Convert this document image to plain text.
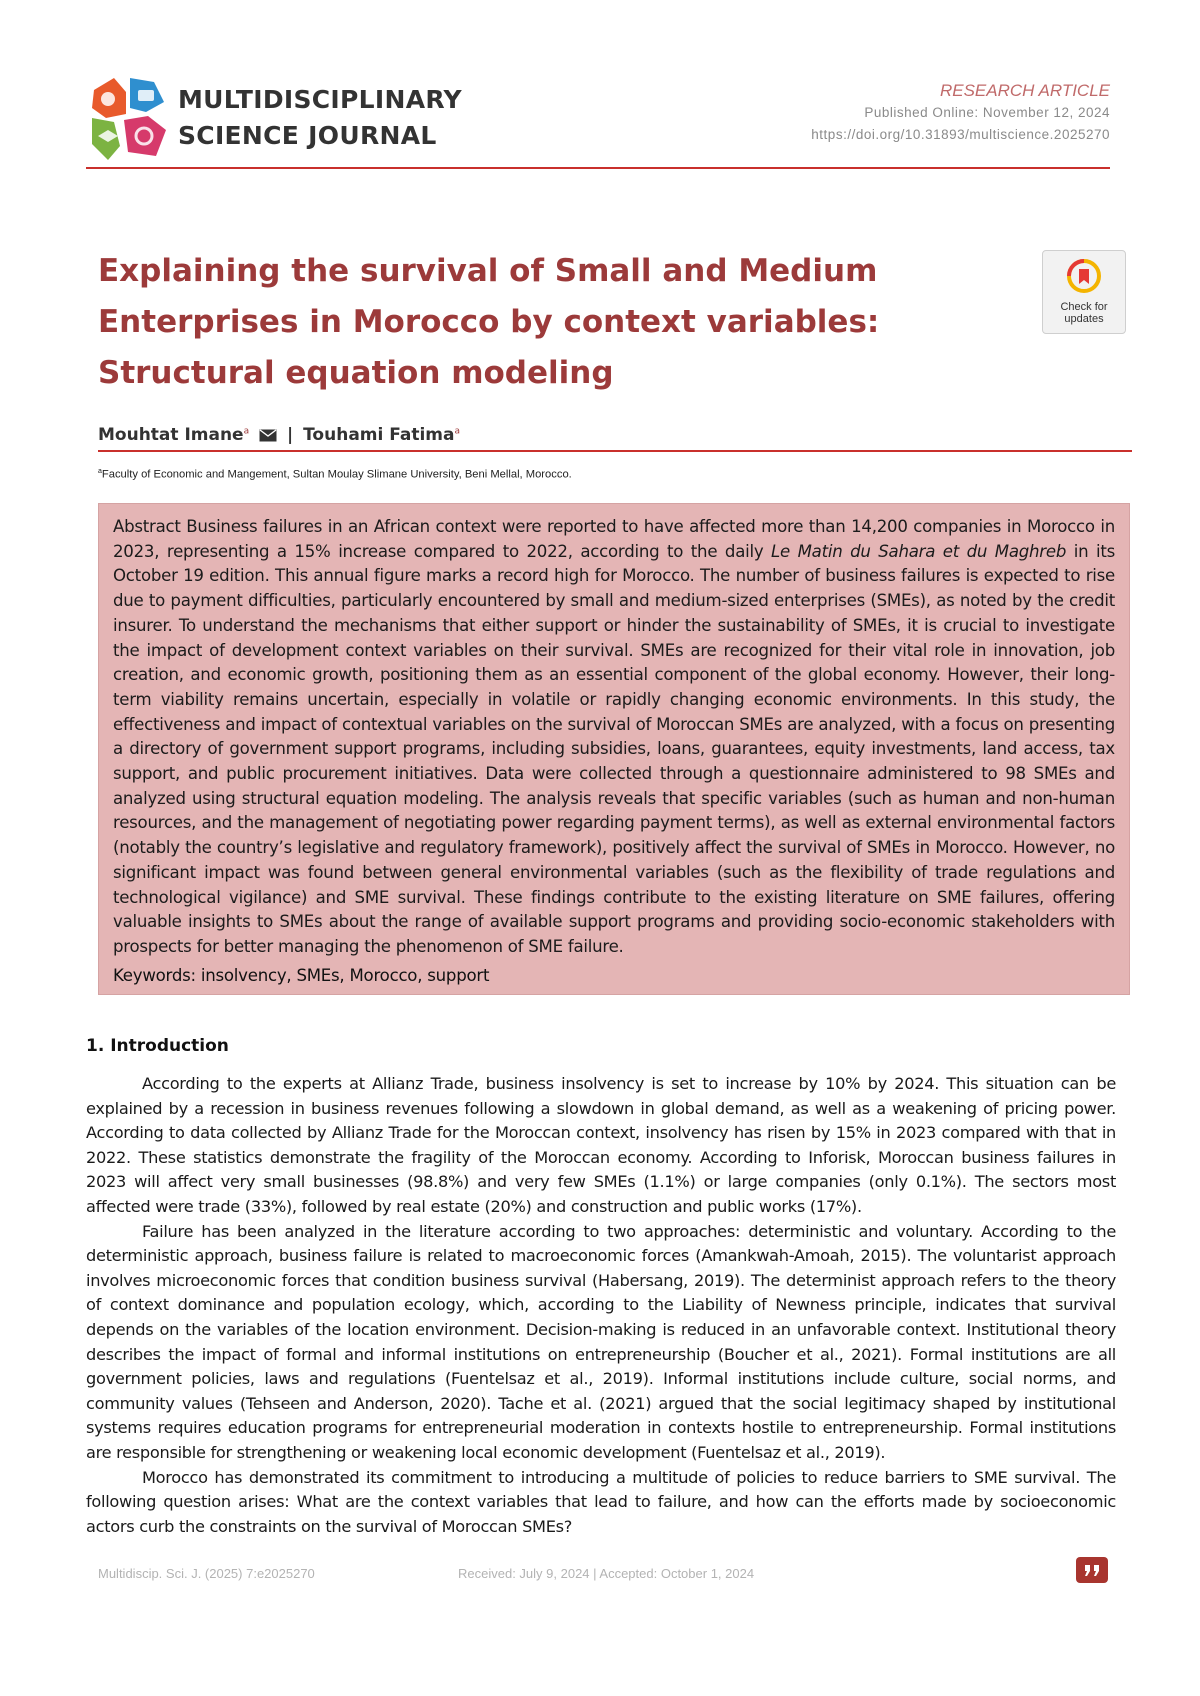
MULTIDISCIPLINARY
SCIENCE JOURNAL
RESEARCH ARTICLE
Published Online: November 12, 2024
https://doi.org/10.31893/multiscience.2025270
Explaining the survival of Small and Medium
Enterprises in Morocco by context variables:
Structural equation modeling
Check for
updates
Mouhtat Imane$^a$ | Touhami Fatima$^a$
$^a$Faculty of Economic and Mangement, Sultan Moulay Slimane University, Beni Mellal, Morocco.
Abstract Business failures in an African context were reported to have affected more than 14,200 companies in Morocco in 2023, representing a 15% increase compared to 2022, according to the daily Le Matin du Sahara et du Maghreb in its October 19 edition. This annual figure marks a record high for Morocco. The number of business failures is expected to rise due to payment difficulties, particularly encountered by small and medium-sized enterprises (SMEs), as noted by the credit insurer. To understand the mechanisms that either support or hinder the sustainability of SMEs, it is crucial to investigate the impact of development context variables on their survival. SMEs are recognized for their vital role in innovation, job creation, and economic growth, positioning them as an essential component of the global economy. However, their long-term viability remains uncertain, especially in volatile or rapidly changing economic environments. In this study, the effectiveness and impact of contextual variables on the survival of Moroccan SMEs are analyzed, with a focus on presenting a directory of government support programs, including subsidies, loans, guarantees, equity investments, land access, tax support, and public procurement initiatives. Data were collected through a questionnaire administered to 98 SMEs and analyzed using structural equation modeling. The analysis reveals that specific variables (such as human and non-human resources, and the management of negotiating power regarding payment terms), as well as external environmental factors (notably the country’s legislative and regulatory framework), positively affect the survival of SMEs in Morocco. However, no significant impact was found between general environmental variables (such as the flexibility of trade regulations and technological vigilance) and SME survival. These findings contribute to the existing literature on SME failures, offering valuable insights to SMEs about the range of available support programs and providing socio-economic stakeholders with prospects for better managing the phenomenon of SME failure.
Keywords: insolvency, SMEs, Morocco, support
1. Introduction

According to the experts at Allianz Trade, business insolvency is set to increase by 10% by 2024. This situation can be explained by a recession in business revenues following a slowdown in global demand, as well as a weakening of pricing power. According to data collected by Allianz Trade for the Moroccan context, insolvency has risen by 15% in 2023 compared with that in 2022. These statistics demonstrate the fragility of the Moroccan economy. According to Inforisk, Moroccan business failures in 2023 will affect very small businesses (98.8%) and very few SMEs (1.1%) or large companies (only 0.1%). The sectors most affected were trade (33%), followed by real estate (20%) and construction and public works (17%).

Failure has been analyzed in the literature according to two approaches: deterministic and voluntary. According to the deterministic approach, business failure is related to macroeconomic forces (Amankwah-Amoah, 2015). The voluntarist approach involves microeconomic forces that condition business survival (Habersang, 2019). The determinist approach refers to the theory of context dominance and population ecology, which, according to the Liability of Newness principle, indicates that survival depends on the variables of the location environment. Decision-making is reduced in an unfavorable context. Institutional theory describes the impact of formal and informal institutions on entrepreneurship (Boucher et al., 2021). Formal institutions are all government policies, laws and regulations (Fuentelsaz et al., 2019). Informal institutions include culture, social norms, and community values (Tehseen and Anderson, 2020). Tache et al. (2021) argued that the social legitimacy shaped by institutional systems requires education programs for entrepreneurial moderation in contexts hostile to entrepreneurship. Formal institutions are responsible for strengthening or weakening local economic development (Fuentelsaz et al., 2019).

Morocco has demonstrated its commitment to introducing a multitude of policies to reduce barriers to SME survival. The following question arises: What are the context variables that lead to failure, and how can the efforts made by socioeconomic actors curb the constraints on the survival of Moroccan SMEs?

Multidiscip. Sci. J. (2025) 7:e2025270	Received: July 9, 2024 | Accepted: October 1, 2024
